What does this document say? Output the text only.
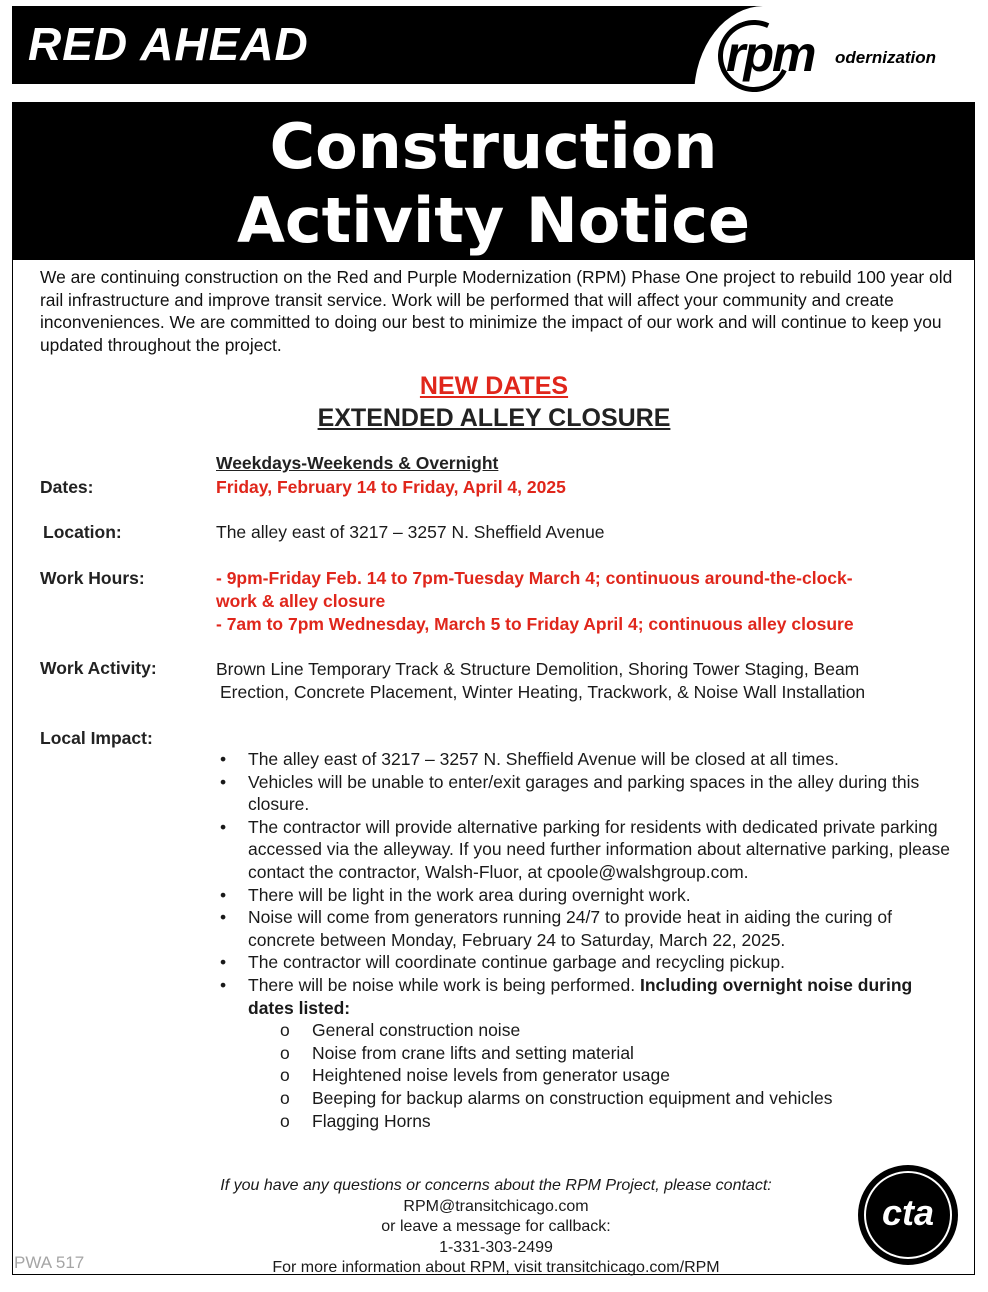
RED AHEAD	rpm odernization
Construction
Activity Notice
We are continuing construction on the Red and Purple Modernization (RPM) Phase One project to rebuild 100 year old rail infrastructure and improve transit service. Work will be performed that will affect your community and create inconveniences. We are committed to doing our best to minimize the impact of our work and will continue to keep you updated throughout the project.
NEW DATES
EXTENDED ALLEY CLOSURE
Weekdays-Weekends & Overnight
Dates:	Friday, February 14 to Friday, April 4, 2025
Location:	The alley east of 3217 – 3257 N. Sheffield Avenue
Work Hours:	- 9pm-Friday Feb. 14 to 7pm-Tuesday March 4; continuous around-the-clock-
work & alley closure
- 7am to 7pm Wednesday, March 5 to Friday April 4; continuous alley closure
Work Activity:	Brown Line Temporary Track & Structure Demolition, Shoring Tower Staging, Beam
Erection, Concrete Placement, Winter Heating, Trackwork, & Noise Wall Installation
Local Impact:
• The alley east of 3217 – 3257 N. Sheffield Avenue will be closed at all times.
• Vehicles will be unable to enter/exit garages and parking spaces in the alley during this closure.
• The contractor will provide alternative parking for residents with dedicated private parking accessed via the alleyway. If you need further information about alternative parking, please contact the contractor, Walsh-Fluor, at cpoole@walshgroup.com.
• There will be light in the work area during overnight work.
• Noise will come from generators running 24/7 to provide heat in aiding the curing of concrete between Monday, February 24 to Saturday, March 22, 2025.
• The contractor will coordinate continue garbage and recycling pickup.
• There will be noise while work is being performed. Including overnight noise during dates listed:
o General construction noise
o Noise from crane lifts and setting material
o Heightened noise levels from generator usage
o Beeping for backup alarms on construction equipment and vehicles
o Flagging Horns
If you have any questions or concerns about the RPM Project, please contact:
RPM@transitchicago.com
or leave a message for callback:
1-331-303-2499
For more information about RPM, visit transitchicago.com/RPM
cta
PWA 517
